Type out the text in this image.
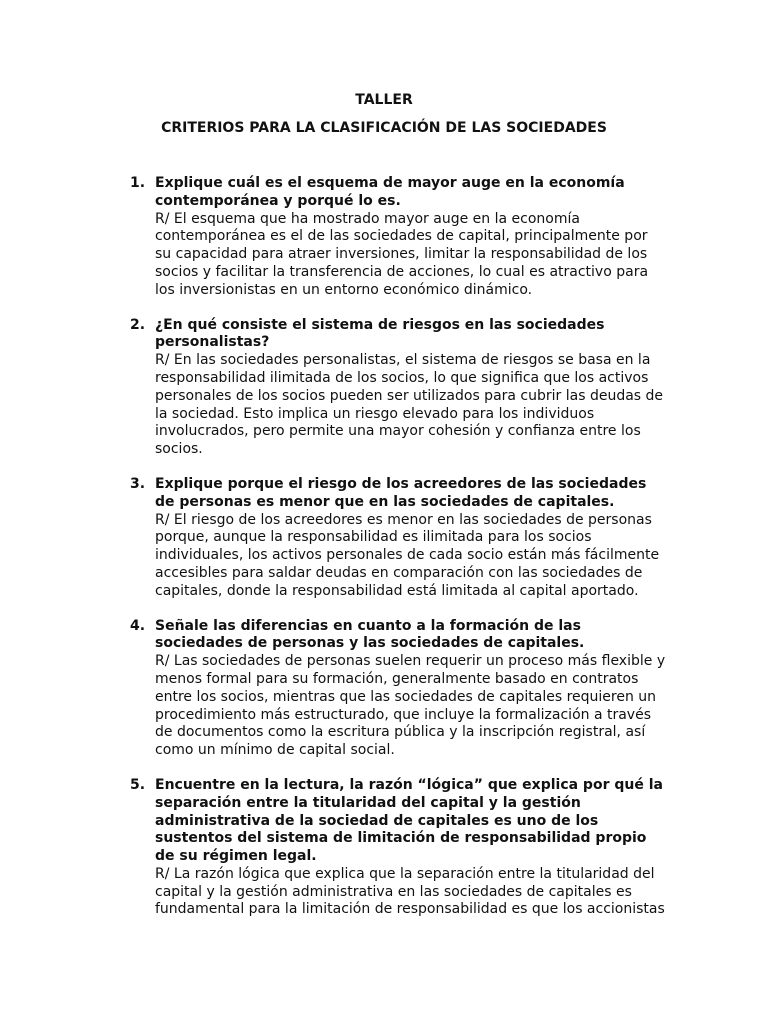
TALLER
CRITERIOS PARA LA CLASIFICACIÓN DE LAS SOCIEDADES
1. Explique cuál es el esquema de mayor auge en la economía contemporánea y porqué lo es.
R/ El esquema que ha mostrado mayor auge en la economía contemporánea es el de las sociedades de capital, principalmente por su capacidad para atraer inversiones, limitar la responsabilidad de los socios y facilitar la transferencia de acciones, lo cual es atractivo para los inversionistas en un entorno económico dinámico.
2. ¿En qué consiste el sistema de riesgos en las sociedades personalistas?
R/ En las sociedades personalistas, el sistema de riesgos se basa en la responsabilidad ilimitada de los socios, lo que significa que los activos personales de los socios pueden ser utilizados para cubrir las deudas de la sociedad. Esto implica un riesgo elevado para los individuos involucrados, pero permite una mayor cohesión y confianza entre los socios.
3. Explique porque el riesgo de los acreedores de las sociedades de personas es menor que en las sociedades de capitales.
R/ El riesgo de los acreedores es menor en las sociedades de personas porque, aunque la responsabilidad es ilimitada para los socios individuales, los activos personales de cada socio están más fácilmente accesibles para saldar deudas en comparación con las sociedades de capitales, donde la responsabilidad está limitada al capital aportado.
4. Señale las diferencias en cuanto a la formación de las sociedades de personas y las sociedades de capitales.
R/ Las sociedades de personas suelen requerir un proceso más flexible y menos formal para su formación, generalmente basado en contratos entre los socios, mientras que las sociedades de capitales requieren un procedimiento más estructurado, que incluye la formalización a través de documentos como la escritura pública y la inscripción registral, así como un mínimo de capital social.
5. Encuentre en la lectura, la razón “lógica” que explica por qué la separación entre la titularidad del capital y la gestión administrativa de la sociedad de capitales es uno de los sustentos del sistema de limitación de responsabilidad propio de su régimen legal.
R/ La razón lógica que explica que la separación entre la titularidad del capital y la gestión administrativa en las sociedades de capitales es fundamental para la limitación de responsabilidad es que los accionistas
